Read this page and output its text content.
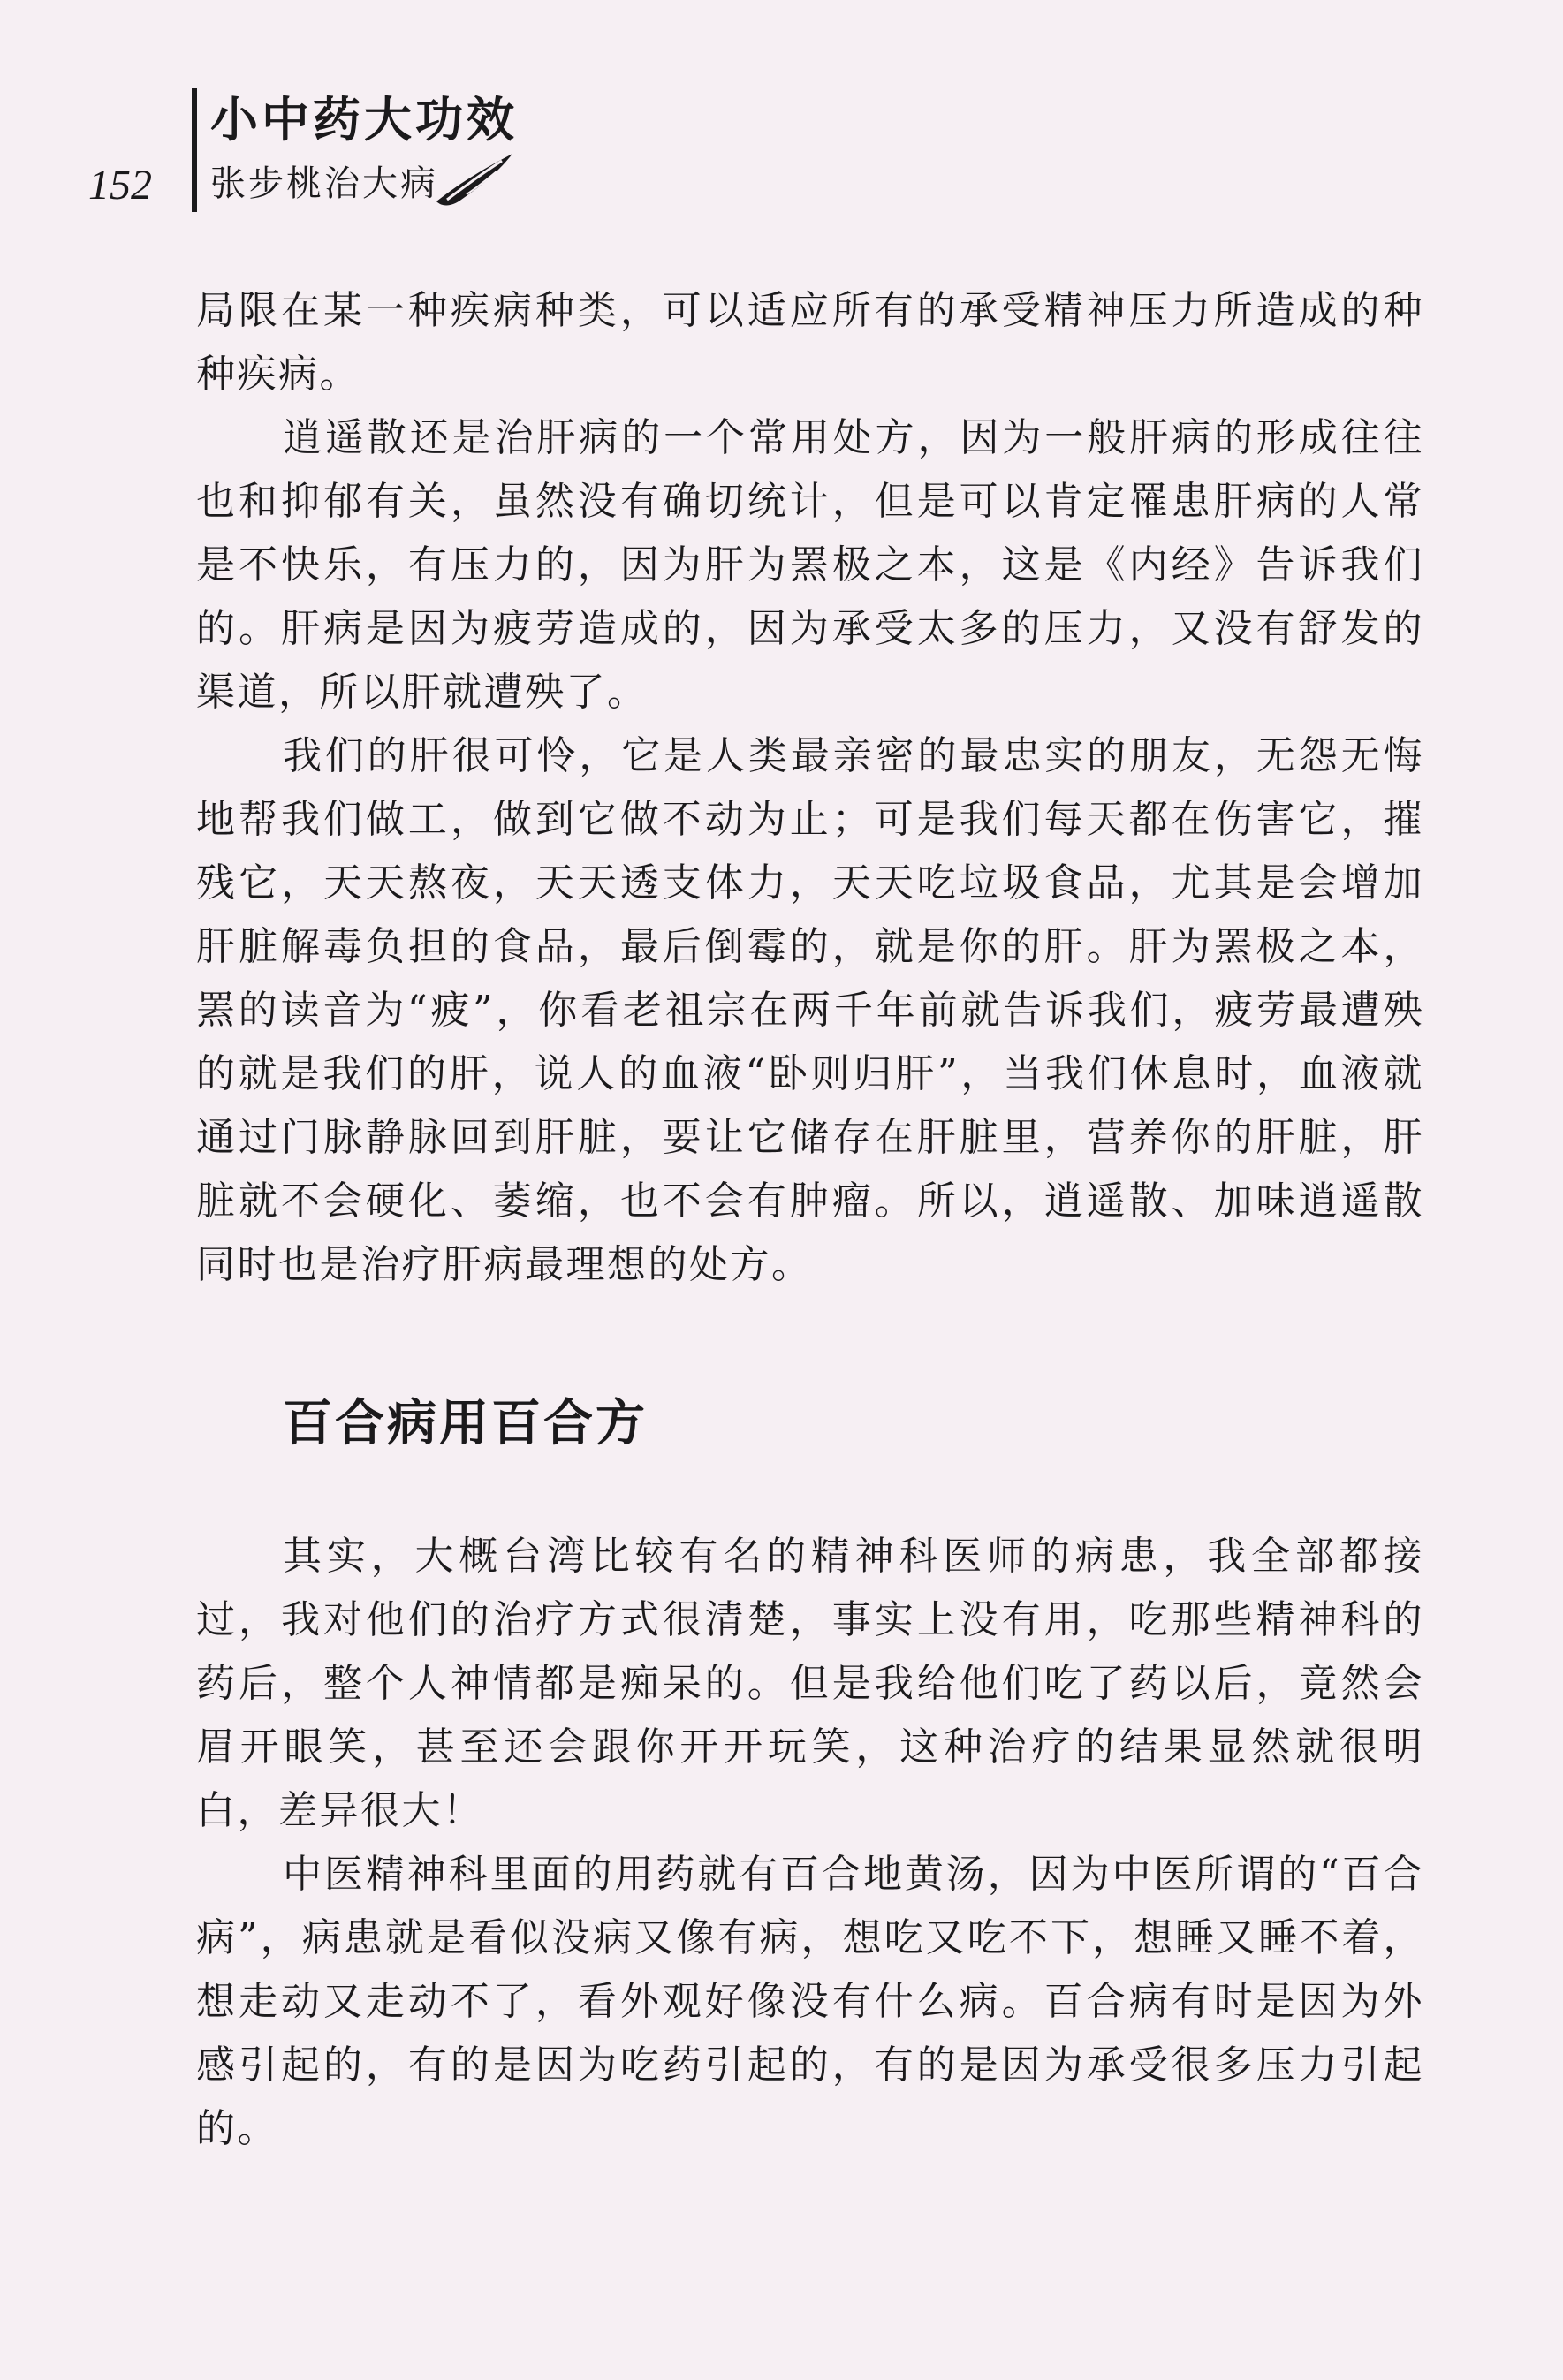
152
小中药大功效
张步桃治大病

局限在某一种疾病种类，可以适应所有的承受精神压力所造成的种种疾病。

逍遥散还是治肝病的一个常用处方，因为一般肝病的形成往往也和抑郁有关，虽然没有确切统计，但是可以肯定罹患肝病的人常是不快乐，有压力的，因为肝为罴极之本，这是《内经》告诉我们的。肝病是因为疲劳造成的，因为承受太多的压力，又没有舒发的渠道，所以肝就遭殃了。

我们的肝很可怜，它是人类最亲密的最忠实的朋友，无怨无悔地帮我们做工，做到它做不动为止；可是我们每天都在伤害它，摧残它，天天熬夜，天天透支体力，天天吃垃圾食品，尤其是会增加肝脏解毒负担的食品，最后倒霉的，就是你的肝。肝为罴极之本，罴的读音为“疲”，你看老祖宗在两千年前就告诉我们，疲劳最遭殃的就是我们的肝，说人的血液“卧则归肝”，当我们休息时，血液就通过门脉静脉回到肝脏，要让它储存在肝脏里，营养你的肝脏，肝脏就不会硬化、萎缩，也不会有肿瘤。所以，逍遥散、加味逍遥散同时也是治疗肝病最理想的处方。

百合病用百合方

其实，大概台湾比较有名的精神科医师的病患，我全部都接过，我对他们的治疗方式很清楚，事实上没有用，吃那些精神科的药后，整个人神情都是痴呆的。但是我给他们吃了药以后，竟然会眉开眼笑，甚至还会跟你开开玩笑，这种治疗的结果显然就很明白，差异很大！

中医精神科里面的用药就有百合地黄汤，因为中医所谓的“百合病”，病患就是看似没病又像有病，想吃又吃不下，想睡又睡不着，想走动又走动不了，看外观好像没有什么病。百合病有时是因为外感引起的，有的是因为吃药引起的，有的是因为承受很多压力引起的。
